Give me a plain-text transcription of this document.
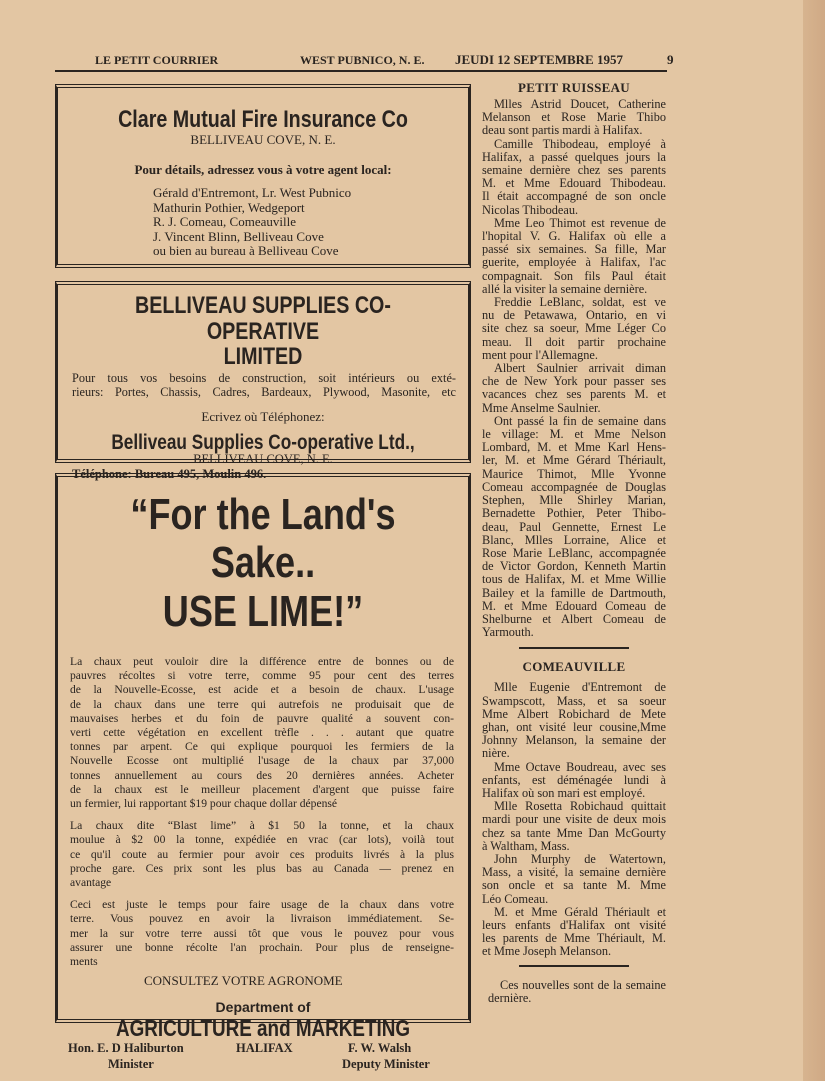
LE PETIT COURRIER	WEST PUBNICO, N. E. JEUDI 12 SEPTEMBRE 1957	9
Clare Mutual Fire Insurance Co
BELLIVEAU COVE, N. E.
Pour détails, adressez vous à votre agent local:
Gérald d'Entremont, Lr. West Pubnico
Mathurin Pothier, Wedgeport
R. J. Comeau, Comeauville
J. Vincent Blinn, Belliveau Cove
ou bien au bureau à Belliveau Cove
BELLIVEAU SUPPLIES CO-OPERATIVE
LIMITED
Pour tous vos besoins de construction, soit intérieurs ou exté-
rieurs: Portes, Chassis, Cadres, Bardeaux, Plywood, Masonite, etc
Ecrivez où Téléphonez:
Belliveau Supplies Co-operative Ltd.,
BELLIVEAU COVE, N. E.
Téléphone: Bureau 495, Moulin 496.
“For the Land's Sake..
USE LIME!”
La chaux peut vouloir dire la différence entre de bonnes ou de
pauvres récoltes si votre terre, comme 95 pour cent des terres
de la Nouvelle-Ecosse, est acide et a besoin de chaux. L'usage
de la chaux dans une terre qui autrefois ne produisait que de
mauvaises herbes et du foin de pauvre qualité a souvent con-
verti cette végétation en excellent trèfle . . . autant que quatre
tonnes par arpent. Ce qui explique pourquoi les fermiers de la
Nouvelle Ecosse ont multiplié l'usage de la chaux par 37,000
tonnes annuellement au cours des 20 dernières années. Acheter
de la chaux est le meilleur placement d'argent que puisse faire
un fermier, lui rapportant $19 pour chaque dollar dépensé
La chaux dite “Blast lime” à $1 50 la tonne, et la chaux
moulue à $2 00 la tonne, expédiée en vrac (car lots), voilà tout
ce qu'il coute au fermier pour avoir ces produits livrés à la plus
proche gare. Ces prix sont les plus bas au Canada — prenez en
avantage
Ceci est juste le temps pour faire usage de la chaux dans votre
terre. Vous pouvez en avoir la livraison immédiatement. Se-
mer la sur votre terre aussi tôt que vous le pouvez pour vous
assurer une bonne récolte l'an prochain. Pour plus de renseigne-
ments
CONSULTEZ VOTRE AGRONOME
Department of
AGRICULTURE and MARKETING
Hon. E. D Haliburton
Minister
HALIFAX	F. W. Walsh
Deputy Minister
PETIT RUISSEAU
Mlles Astrid Doucet, Catherine
Melanson et Rose Marie Thibo
deau sont partis mardi à Halifax.
Camille Thibodeau, employé à
Halifax, a passé quelques jours la
semaine dernière chez ses parents
M. et Mme Edouard Thibodeau.
Il était accompagné de son oncle
Nicolas Thibodeau.
Mme Leo Thimot est revenue de
l'hopital V. G. Halifax où elle a
passé six semaines. Sa fille, Mar
guerite, employée à Halifax, l'ac
compagnait. Son fils Paul était
allé la visiter la semaine dernière.
Freddie LeBlanc, soldat, est ve
nu de Petawawa, Ontario, en vi
site chez sa soeur, Mme Léger Co
meau. Il doit partir prochaine
ment pour l'Allemagne.
Albert Saulnier arrivait diman
che de New York pour passer ses
vacances chez ses parents M. et
Mme Anselme Saulnier.
Ont passé la fin de semaine dans
le village: M. et Mme Nelson
Lombard, M. et Mme Karl Hens-
ler, M. et Mme Gérard Thériault,
Maurice Thimot, Mlle Yvonne
Comeau accompagnée de Douglas
Stephen, Mlle Shirley Marian,
Bernadette Pothier, Peter Thibo-
deau, Paul Gennette, Ernest Le
Blanc, Mlles Lorraine, Alice et
Rose Marie LeBlanc, accompagnée
de Victor Gordon, Kenneth Martin
tous de Halifax, M. et Mme Willie
Bailey et la famille de Dartmouth,
M. et Mme Edouard Comeau de
Shelburne et Albert Comeau de
Yarmouth.
COMEAUVILLE
Mlle Eugenie d'Entremont de
Swampscott, Mass, et sa soeur
Mme Albert Robichard de Mete
ghan, ont visité leur cousine,Mme
Johnny Melanson, la semaine der
nière.
Mme Octave Boudreau, avec ses
enfants, est déménagée lundi à
Halifax où son mari est employé.
Mlle Rosetta Robichaud quittait
mardi pour une visite de deux mois
chez sa tante Mme Dan McGourty
à Waltham, Mass.
John Murphy de Watertown,
Mass, a visité, la semaine dernière
son oncle et sa tante M. Mme
Léo Comeau.
M. et Mme Gérald Thériault et
leurs enfants d'Halifax ont visité
les parents de Mme Thériault, M.
et Mme Joseph Melanson.
Ces nouvelles sont de la semaine
dernière.
